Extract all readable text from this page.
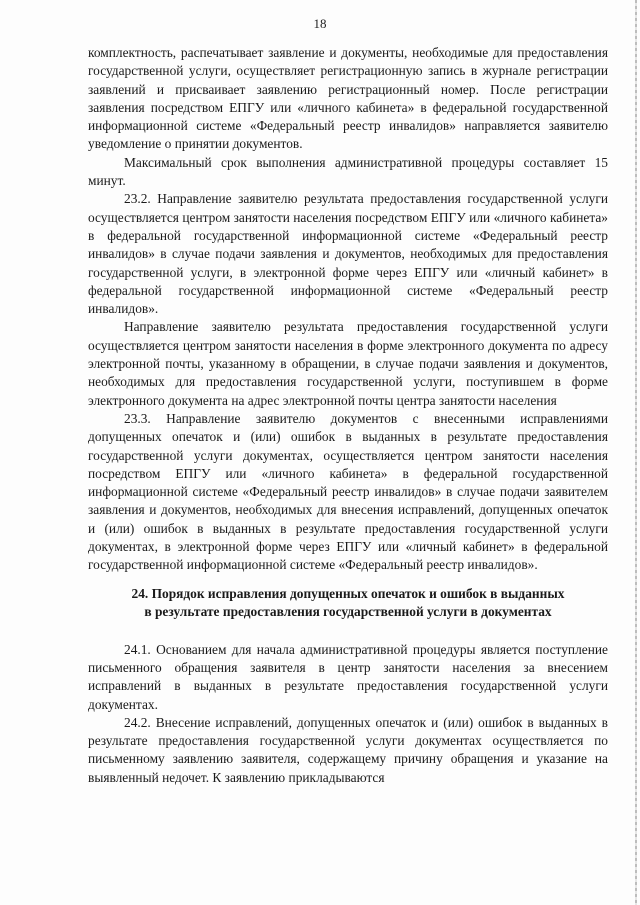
18

комплектность, распечатывает заявление и документы, необходимые для предоставления государственной услуги, осуществляет регистрационную запись в журнале регистрации заявлений и присваивает заявлению регистрационный номер. После регистрации заявления посредством ЕПГУ или «личного кабинета» в федеральной государственной информационной системе «Федеральный реестр инвалидов» направляется заявителю уведомление о принятии документов.

Максимальный срок выполнения административной процедуры составляет 15 минут.

23.2. Направление заявителю результата предоставления государственной услуги осуществляется центром занятости населения посредством ЕПГУ или «личного кабинета» в федеральной государственной информационной системе «Федеральный реестр инвалидов» в случае подачи заявления и документов, необходимых для предоставления государственной услуги, в электронной форме через ЕПГУ или «личный кабинет» в федеральной государственной информационной системе «Федеральный реестр инвалидов».

Направление заявителю результата предоставления государственной услуги осуществляется центром занятости населения в форме электронного документа по адресу электронной почты, указанному в обращении, в случае подачи заявления и документов, необходимых для предоставления государственной услуги, поступившем в форме электронного документа на адрес электронной почты центра занятости населения

23.3. Направление заявителю документов с внесенными исправлениями допущенных опечаток и (или) ошибок в выданных в результате предоставления государственной услуги документах, осуществляется центром занятости населения посредством ЕПГУ или «личного кабинета» в федеральной государственной информационной системе «Федеральный реестр инвалидов» в случае подачи заявителем заявления и документов, необходимых для внесения исправлений, допущенных опечаток и (или) ошибок в выданных в результате предоставления государственной услуги документах, в электронной форме через ЕПГУ или «личный кабинет» в федеральной государственной информационной системе «Федеральный реестр инвалидов».

24. Порядок исправления допущенных опечаток и ошибок в выданных в результате предоставления государственной услуги в документах

24.1. Основанием для начала административной процедуры является поступление письменного обращения заявителя в центр занятости населения за внесением исправлений в выданных в результате предоставления государственной услуги документах.

24.2. Внесение исправлений, допущенных опечаток и (или) ошибок в выданных в результате предоставления государственной услуги документах осуществляется по письменному заявлению заявителя, содержащему причину обращения и указание на выявленный недочет. К заявлению прикладываются
